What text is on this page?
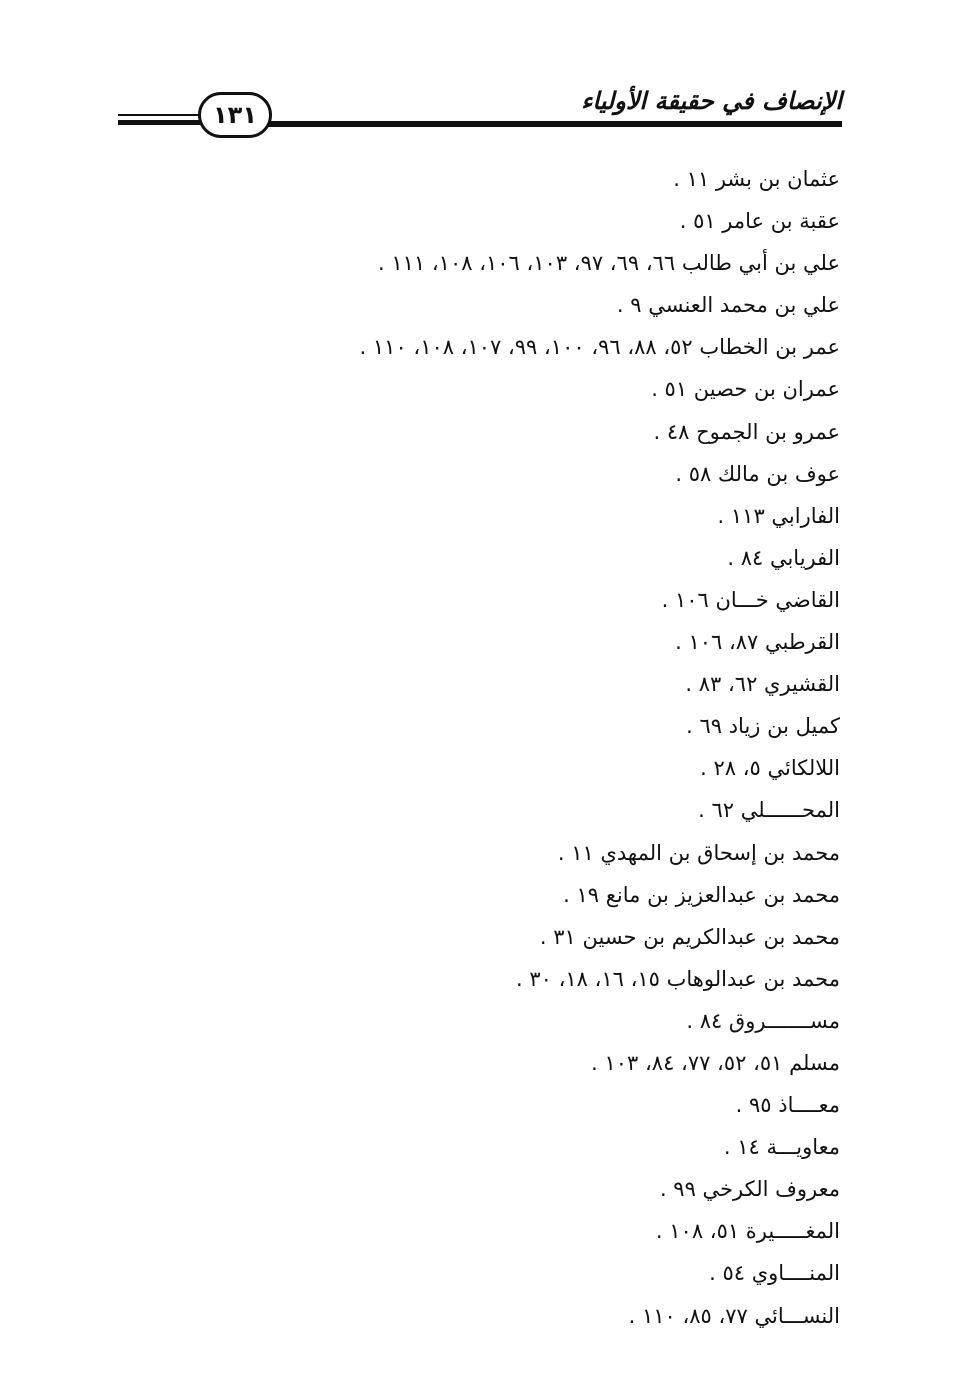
١٣١	الإنصاف في حقيقة الأولياء
عثمان بن بشر ١١ .
عقبة بن عامر ٥١ .
علي بن أبي طالب ٦٦، ٦٩، ٩٧، ١٠٣، ١٠٦، ١٠٨، ١١١ .
علي بن محمد العنسي ٩ .
عمر بن الخطاب ٥٢، ٨٨، ٩٦، ١٠٠، ٩٩، ١٠٧، ١٠٨، ١١٠ .
عمران بن حصين ٥١ .
عمرو بن الجموح ٤٨ .
عوف بن مالك ٥٨ .
الفارابي ١١٣ .
الفريابي ٨٤ .
القاضي خـــان ١٠٦ .
القرطبي ٨٧، ١٠٦ .
القشيري ٦٢، ٨٣ .
كميل بن زياد ٦٩ .
اللالكائي ٥، ٢٨ .
المحــــــلي ٦٢ .
محمد بن إسحاق بن المهدي ١١ .
محمد بن عبدالعزيز بن مانع ١٩ .
محمد بن عبدالكريم بن حسين ٣١ .
محمد بن عبدالوهاب ١٥، ١٦، ١٨، ٣٠ .
مســـــــروق ٨٤ .
مسلم ٥١، ٥٢، ٧٧، ٨٤، ١٠٣ .
معــــاذ ٩٥ .
معاويـــة ١٤ .
معروف الكرخي ٩٩ .
المغـــــيرة ٥١، ١٠٨ .
المنــــاوي ٥٤ .
النســـائي ٧٧، ٨٥، ١١٠ .
